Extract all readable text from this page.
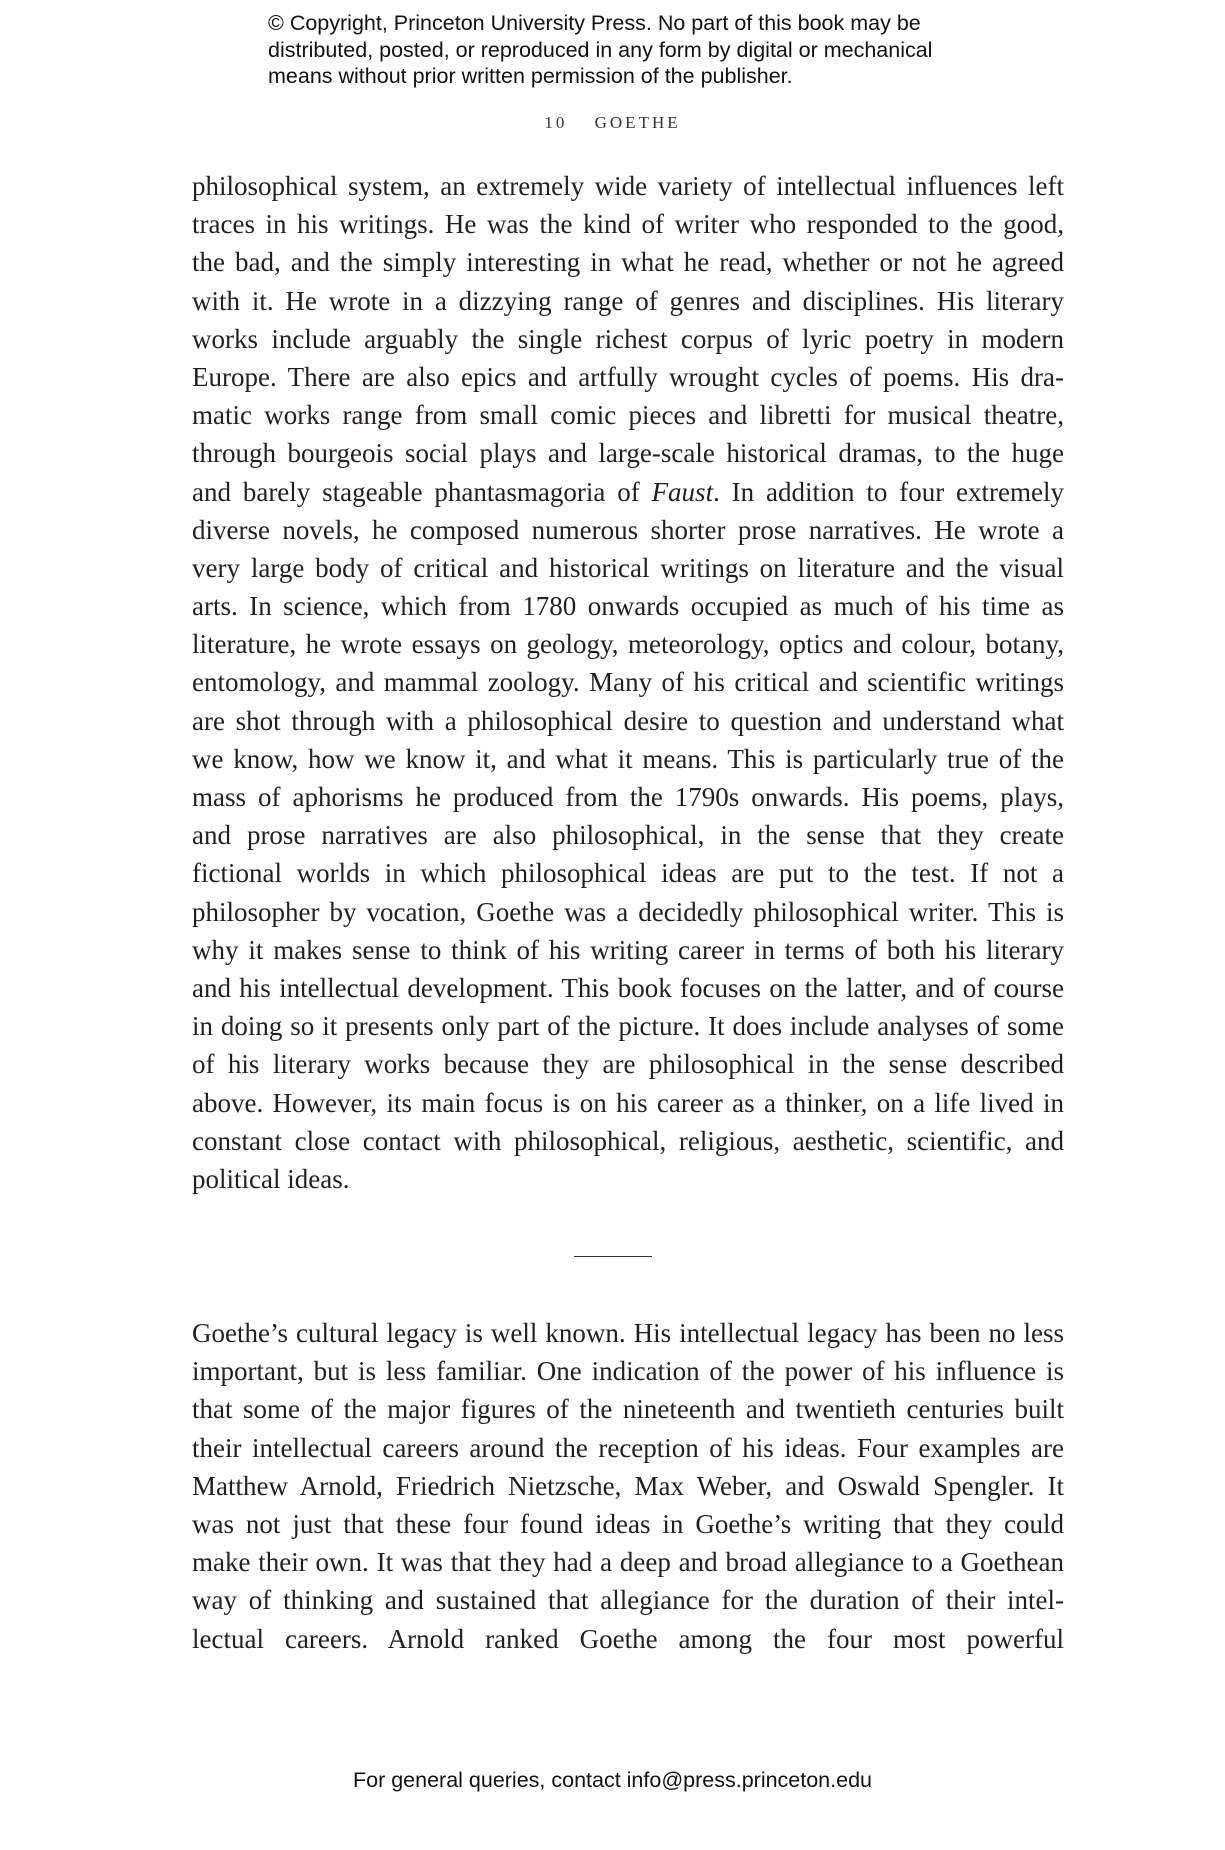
© Copyright, Princeton University Press. No part of this book may be
distributed, posted, or reproduced in any form by digital or mechanical
means without prior written permission of the publisher.
10 GOETHE
philosophical system, an extremely wide variety of intellectual influences left
traces in his writings. He was the kind of writer who responded to the good,
the bad, and the simply interesting in what he read, whether or not he agreed
with it. He wrote in a dizzying range of genres and disciplines. His literary
works include arguably the single richest corpus of lyric poetry in modern
Europe. There are also epics and artfully wrought cycles of poems. His dra-
matic works range from small comic pieces and libretti for musical theatre,
through bourgeois social plays and large-scale historical dramas, to the huge
and barely stageable phantasmagoria of Faust. In addition to four extremely
diverse novels, he composed numerous shorter prose narratives. He wrote a
very large body of critical and historical writings on literature and the visual
arts. In science, which from 1780 onwards occupied as much of his time as
literature, he wrote essays on geology, meteorology, optics and colour, botany,
entomology, and mammal zoology. Many of his critical and scientific writings
are shot through with a philosophical desire to question and understand what
we know, how we know it, and what it means. This is particularly true of the
mass of aphorisms he produced from the 1790s onwards. His poems, plays,
and prose narratives are also philosophical, in the sense that they create
fictional worlds in which philosophical ideas are put to the test. If not a
philosopher by vocation, Goethe was a decidedly philosophical writer. This is
why it makes sense to think of his writing career in terms of both his literary
and his intellectual development. This book focuses on the latter, and of course
in doing so it presents only part of the picture. It does include analyses of some
of his literary works because they are philosophical in the sense described
above. However, its main focus is on his career as a thinker, on a life lived in
constant close contact with philosophical, religious, aesthetic, scientific, and
political ideas.
Goethe’s cultural legacy is well known. His intellectual legacy has been no less
important, but is less familiar. One indication of the power of his influence is
that some of the major figures of the nineteenth and twentieth centuries built
their intellectual careers around the reception of his ideas. Four examples are
Matthew Arnold, Friedrich Nietzsche, Max Weber, and Oswald Spengler. It
was not just that these four found ideas in Goethe’s writing that they could
make their own. It was that they had a deep and broad allegiance to a Goethean
way of thinking and sustained that allegiance for the duration of their intel-
lectual careers. Arnold ranked Goethe among the four most powerful
For general queries, contact info@press.princeton.edu
